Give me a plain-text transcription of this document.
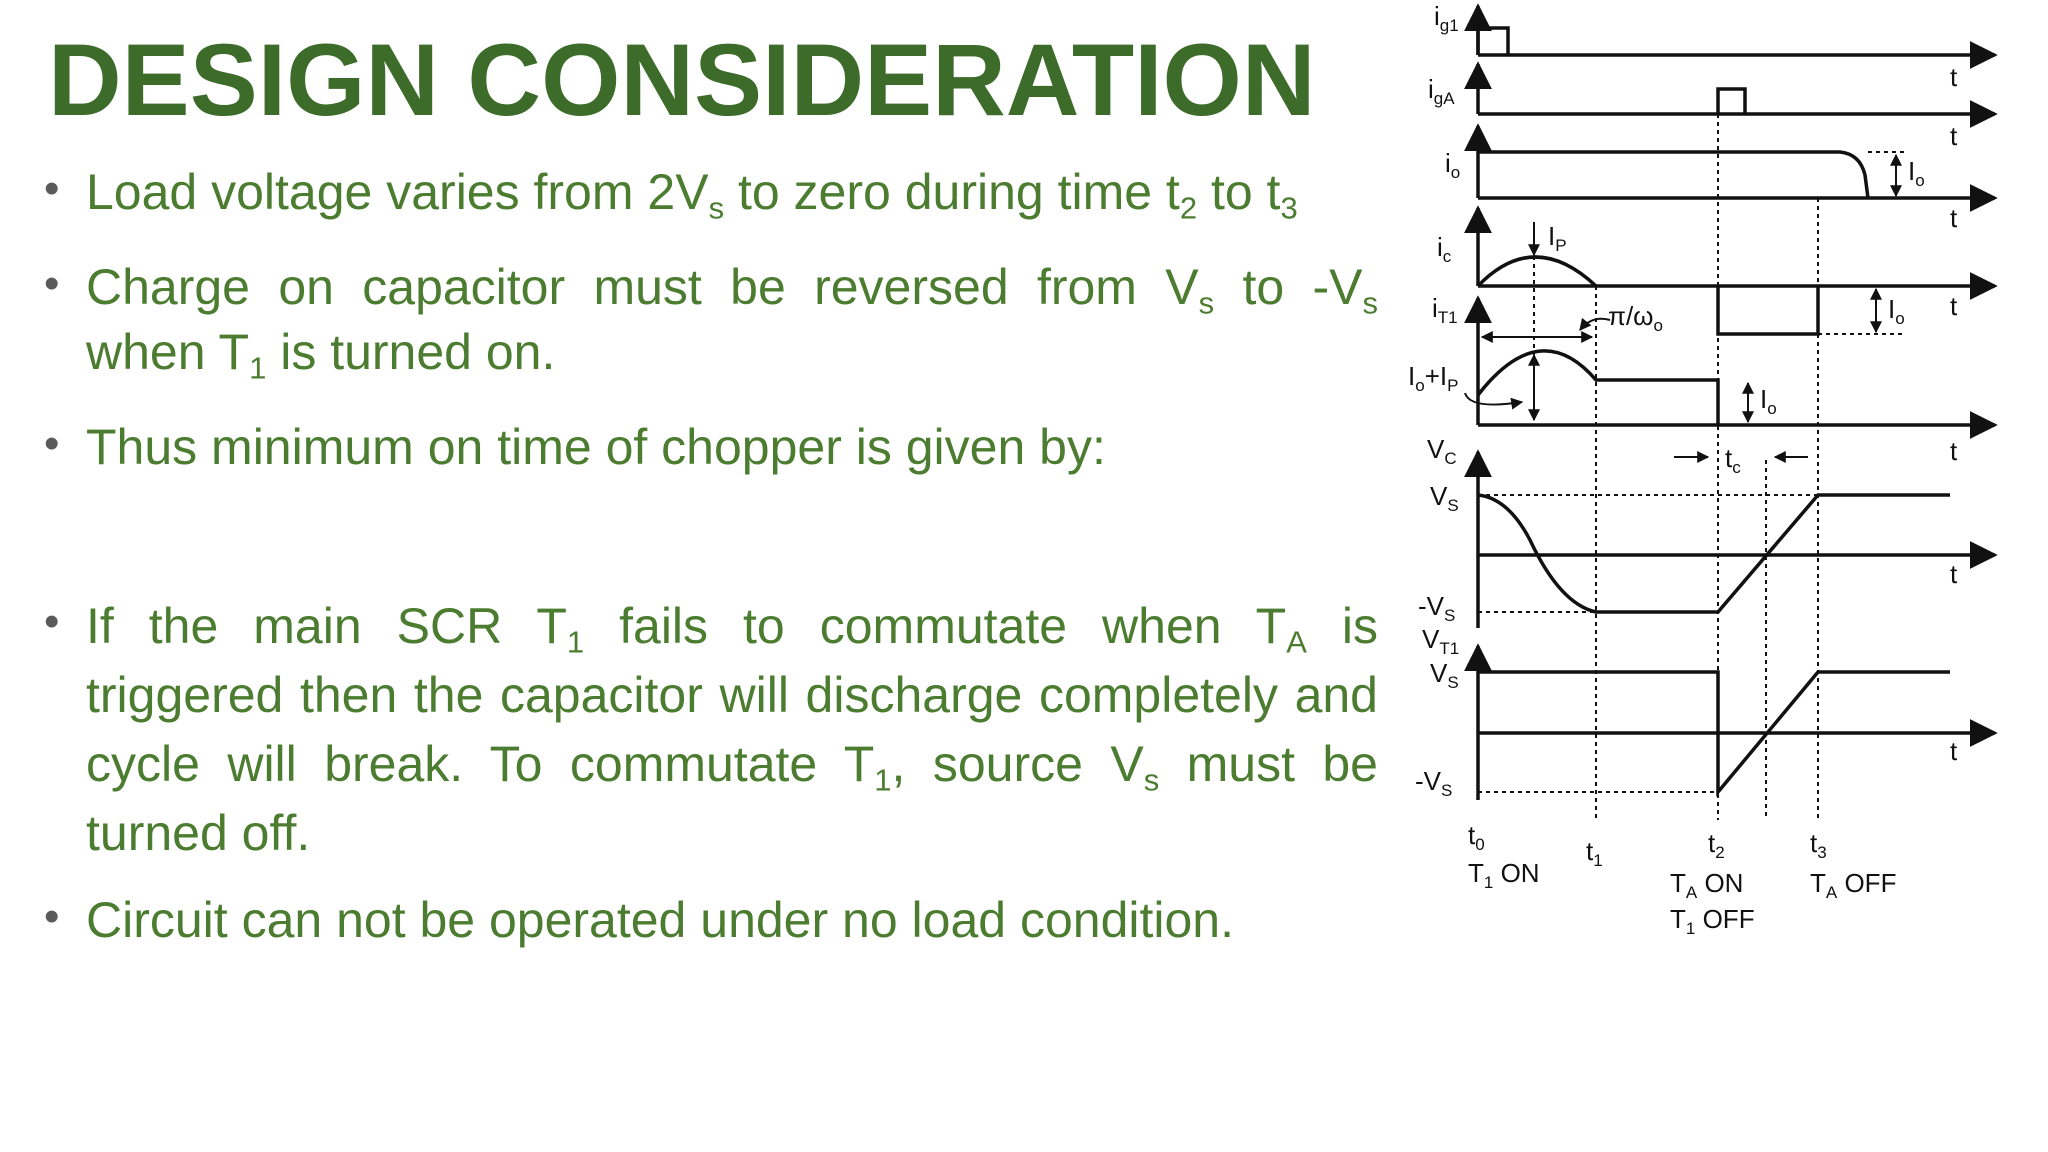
DESIGN CONSIDERATION
• Load voltage varies from $2V_s$ to zero during time $t_2$ to $t_3$
• Charge on capacitor must be reversed from $V_s$ to $-V_s$ when $T_1$ is turned on.
• Thus minimum on time of chopper is given by:
• If the main SCR $T_1$ fails to commutate when $T_A$ is triggered then the capacitor will discharge completely and cycle will break. To commutate $T_1$, source $V_s$ must be turned off.
• Circuit can not be operated under no load condition.
$i_{g1}$
$i_{gA}$
$i_o$
$i_c$
$i_{T1}$
$V_C$
$V_{T1}$
t
t
t
t
t
t
t
$I_P$
$I_o$
$I_o$
$I_o$
$\pi/\omega_o$
$I_o+I_P$
$t_c$
$V_S$
$-V_S$
$V_S$
$-V_S$
$t_0$
$T_1$ ON
$t_1$
$t_2$
$T_A$ ON
$T_1$ OFF
$t_3$
$T_A$ OFF
